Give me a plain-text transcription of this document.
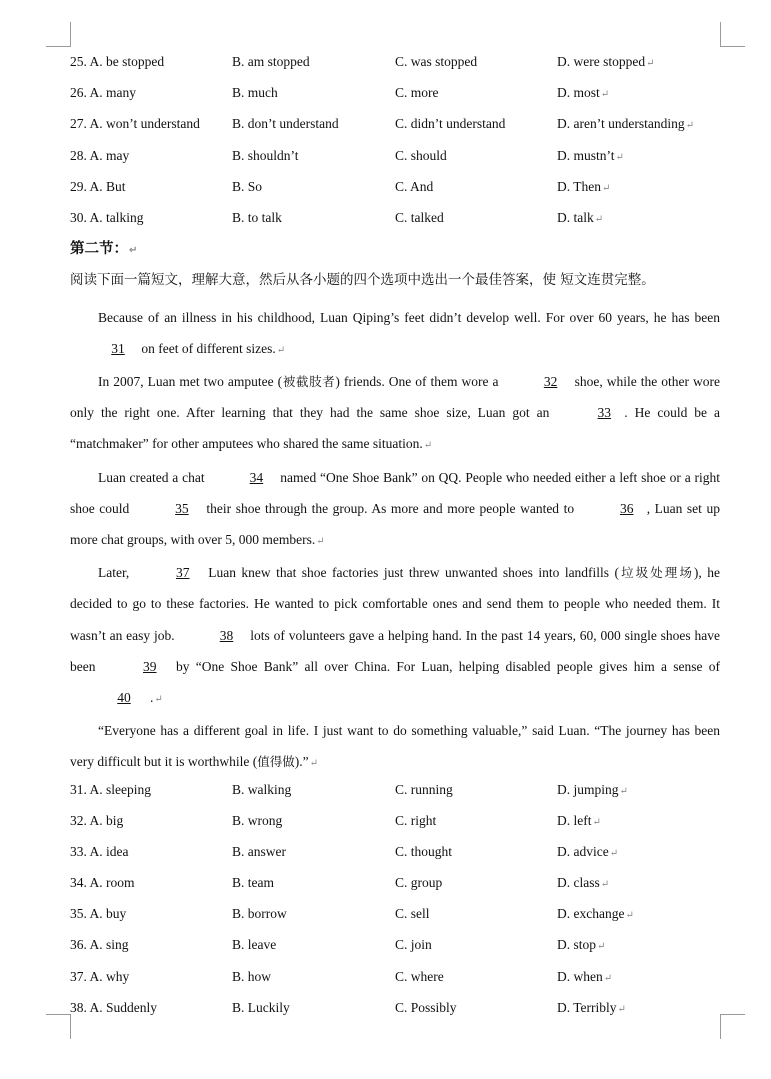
25. A. be stopped	B. am stopped	C. was stopped	D. were stopped↵
26. A. many	B. much	C. more	D. most↵
27. A. won’t understand B. don’t understand	C. didn’t understand	D. aren’t understanding↵
28. A. may	B. shouldn’t	C. should	D. mustn’t↵
29. A. But	B. So	C. And	D. Then↵
30. A. talking	B. to talk	C. talked	D. talk↵
第二节：↵
阅读下面一篇短文，理解大意，然后从各小题的四个选项中选出一个最佳答案，使 短文连贯完整。

Because of an illness in his childhood, Luan Qiping’s feet didn’t develop well. For over 60 years, he has been 31 on feet of different sizes.↵

In 2007, Luan met two amputee (被截肢者) friends. One of them wore a	32 shoe, while the other wore only the right one. After learning that they had the same shoe size, Luan got an	33 . He could be a “matchmaker” for other amputees who shared the same situation.↵

Luan created a chat	34 named “One Shoe Bank” on QQ. People who needed either a left shoe or a right shoe could	35 their shoe through the group. As more and more people wanted to	36 , Luan set up more chat groups, with over 5, 000 members.↵

Later,	37 Luan knew that shoe factories just threw unwanted shoes into landfills (垃圾处理场), he decided to go to these factories. He wanted to pick comfortable ones and send them to people who needed them. It wasn’t an easy job.	38 lots of volunteers gave a helping hand. In the past 14 years, 60, 000 single shoes have been	39 by “One Shoe Bank” all over China. For Luan, helping disabled people gives him a sense of 40 .↵

“Everyone has a different goal in life. I just want to do something valuable,” said Luan. “The journey has been very difficult but it is worthwhile (值得做).”↵

31. A. sleeping	B. walking	C. running	D. jumping↵
32. A. big	B. wrong	C. right	D. left↵
33. A. idea	B. answer	C. thought	D. advice↵
34. A. room	B. team	C. group	D. class↵
35. A. buy	B. borrow	C. sell	D. exchange↵
36. A. sing	B. leave	C. join	D. stop↵
37. A. why	B. how	C. where	D. when↵
38. A. Suddenly	B. Luckily	C. Possibly	D. Terribly↵
